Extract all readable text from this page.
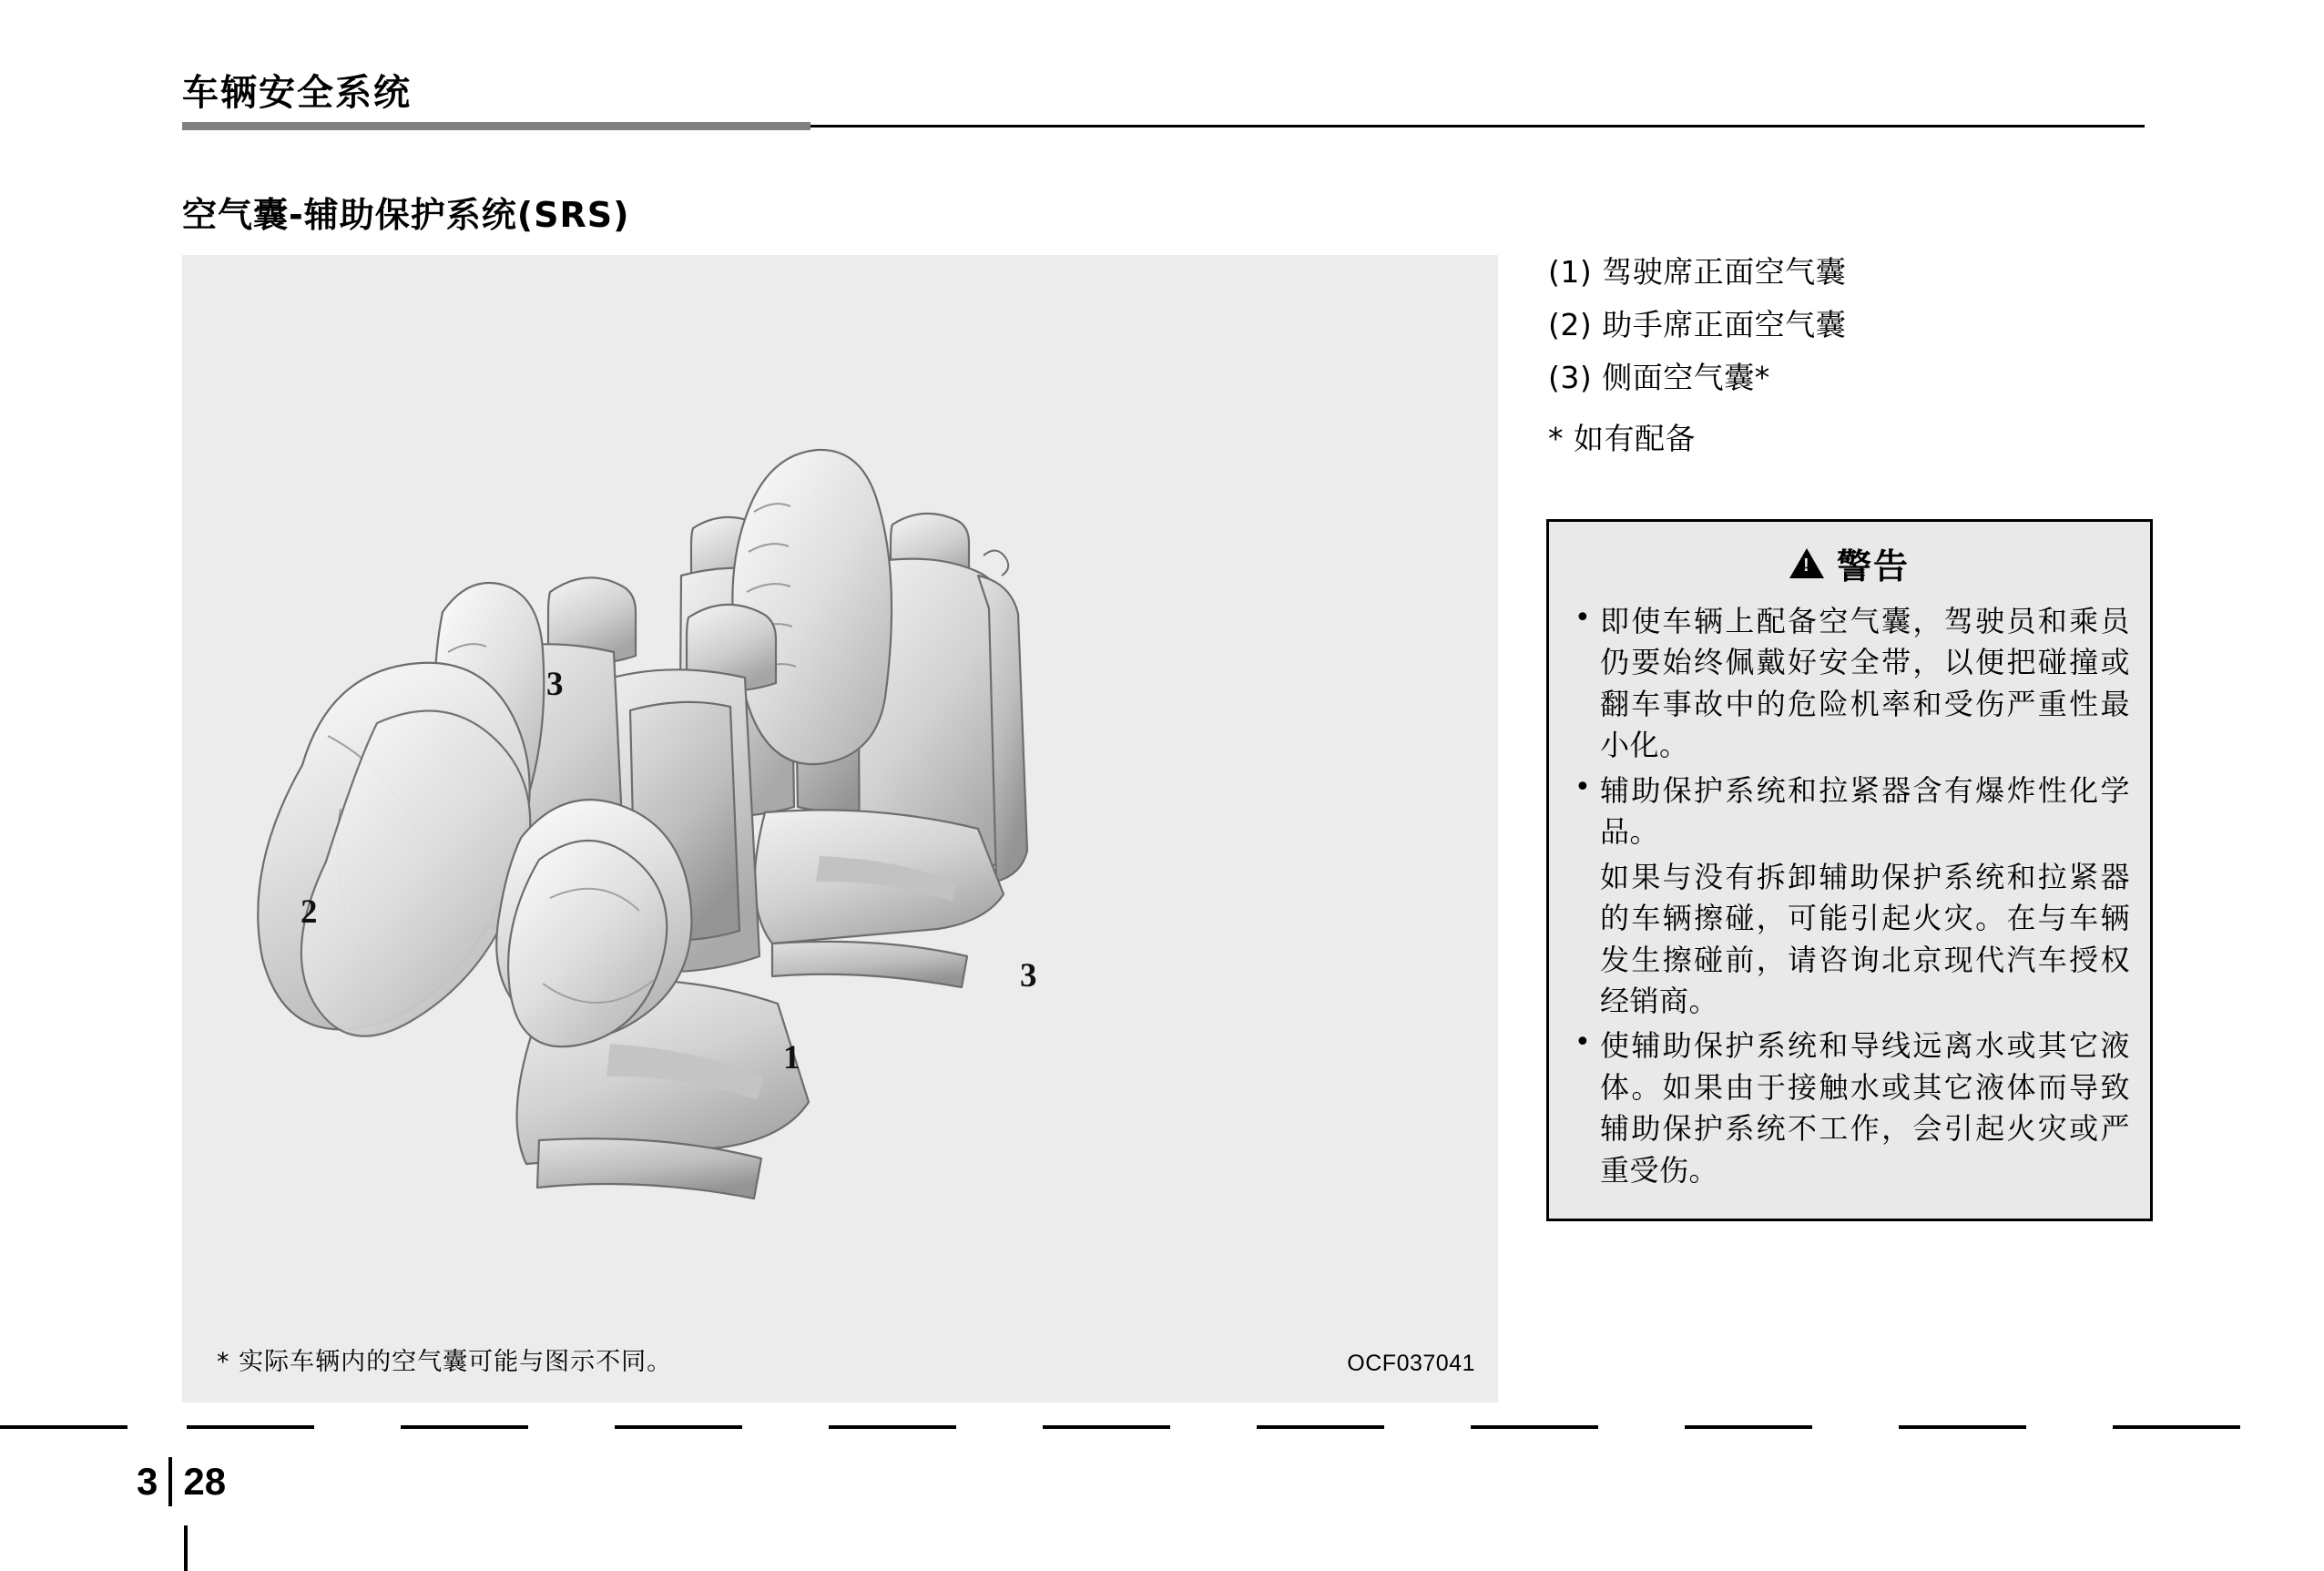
车辆安全系统
空气囊-辅助保护系统(SRS)
1
2
3
3
* 实际车辆内的空气囊可能与图示不同。	OCF037041
(1) 驾驶席正面空气囊
(2) 助手席正面空气囊
(3) 侧面空气囊*
* 如有配备
!
警告
• 即使车辆上配备空气囊，驾驶员和乘员仍要始终佩戴好安全带，以便把碰撞或翻车事故中的危险机率和受伤严重性最小化。
• 辅助保护系统和拉紧器含有爆炸性化学品。
如果与没有拆卸辅助保护系统和拉紧器的车辆擦碰，可能引起火灾。在与车辆发生擦碰前，请咨询北京现代汽车授权经销商。
• 使辅助保护系统和导线远离水或其它液体。如果由于接触水或其它液体而导致辅助保护系统不工作，会引起火灾或严重受伤。
3 28
